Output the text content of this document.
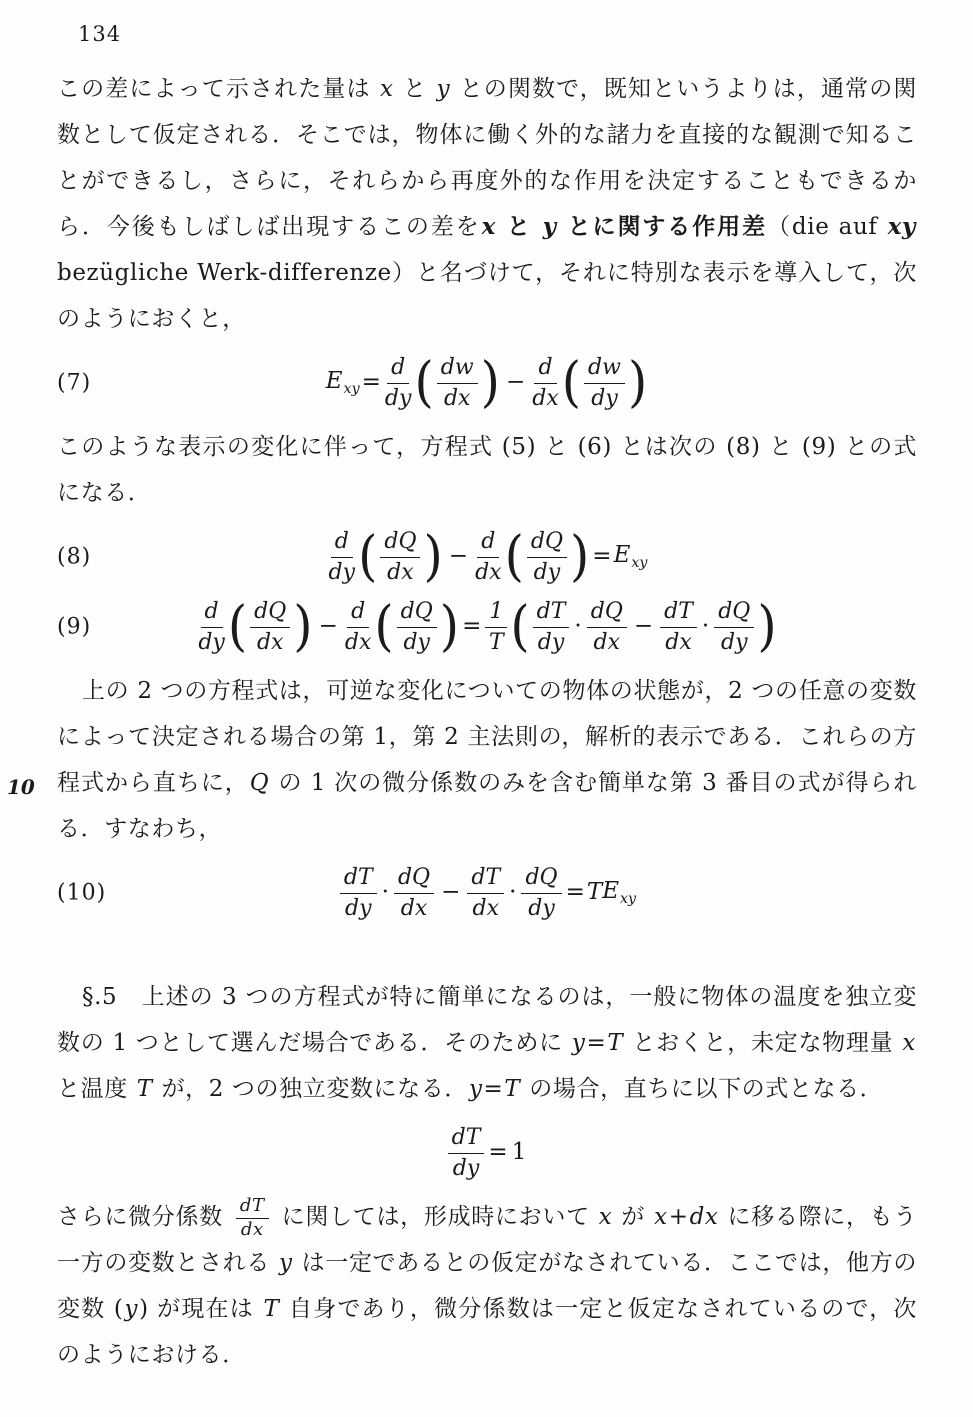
134
10
この差によって示された量は x と y との関数で，既知というよりは，通常の関数として仮定される．そこでは，物体に働く外的な諸力を直接的な観測で知ることができるし，さらに，それらから再度外的な作用を決定することもできるから．今後もしばしば出現するこの差をx と y とに関する作用差（die auf xy bezügliche Werk-differenze）と名づけて，それに特別な表示を導入して，次のようにおくと，
(7)	$E_{xy} = \frac{d}{dy}$ ( $\frac{dw}{dx}$ ) − $\frac{d}{dx}$ ( $\frac{dw}{dy}$ )
このような表示の変化に伴って，方程式 (5) と (6) とは次の (8) と (9) との式になる．
(8)	$\frac{d}{dy}$ ( $\frac{dQ}{dx}$ ) − $\frac{d}{dx}$ ( $\frac{dQ}{dy}$ ) = $E_{xy}$
(9)	$\frac{d}{dy}$ ( $\frac{dQ}{dx}$ ) − $\frac{d}{dx}$ ( $\frac{dQ}{dy}$ ) = $\frac{1}{T}$ ( $\frac{dT}{dy} \cdot \frac{dQ}{dx} - \frac{dT}{dx} \cdot \frac{dQ}{dy}$ )
上の 2 つの方程式は，可逆な変化についての物体の状態が，2 つの任意の変数によって決定される場合の第 1，第 2 主法則の，解析的表示である．これらの方程式から直ちに，Q の 1 次の微分係数のみを含む簡単な第 3 番目の式が得られる．すなわち，
(10)	$\frac{dT}{dy} \cdot \frac{dQ}{dx} - \frac{dT}{dx} \cdot \frac{dQ}{dy} = T$ $E_{xy}$
§.5　上述の 3 つの方程式が特に簡単になるのは，一般に物体の温度を独立変数の 1 つとして選んだ場合である．そのために y=T とおくと，未定な物理量 x と温度 T が，2 つの独立変数になる．y=T の場合，直ちに以下の式となる．
$\frac{dT}{dy} = 1$
さらに微分係数 $\frac{dT}{dx}$ に関しては，形成時において x が x+dx に移る際に，もう一方の変数とされる y は一定であるとの仮定がなされている．ここでは，他方の変数 (y) が現在は T 自身であり，微分係数は一定と仮定なされているので，次のようにおける．
